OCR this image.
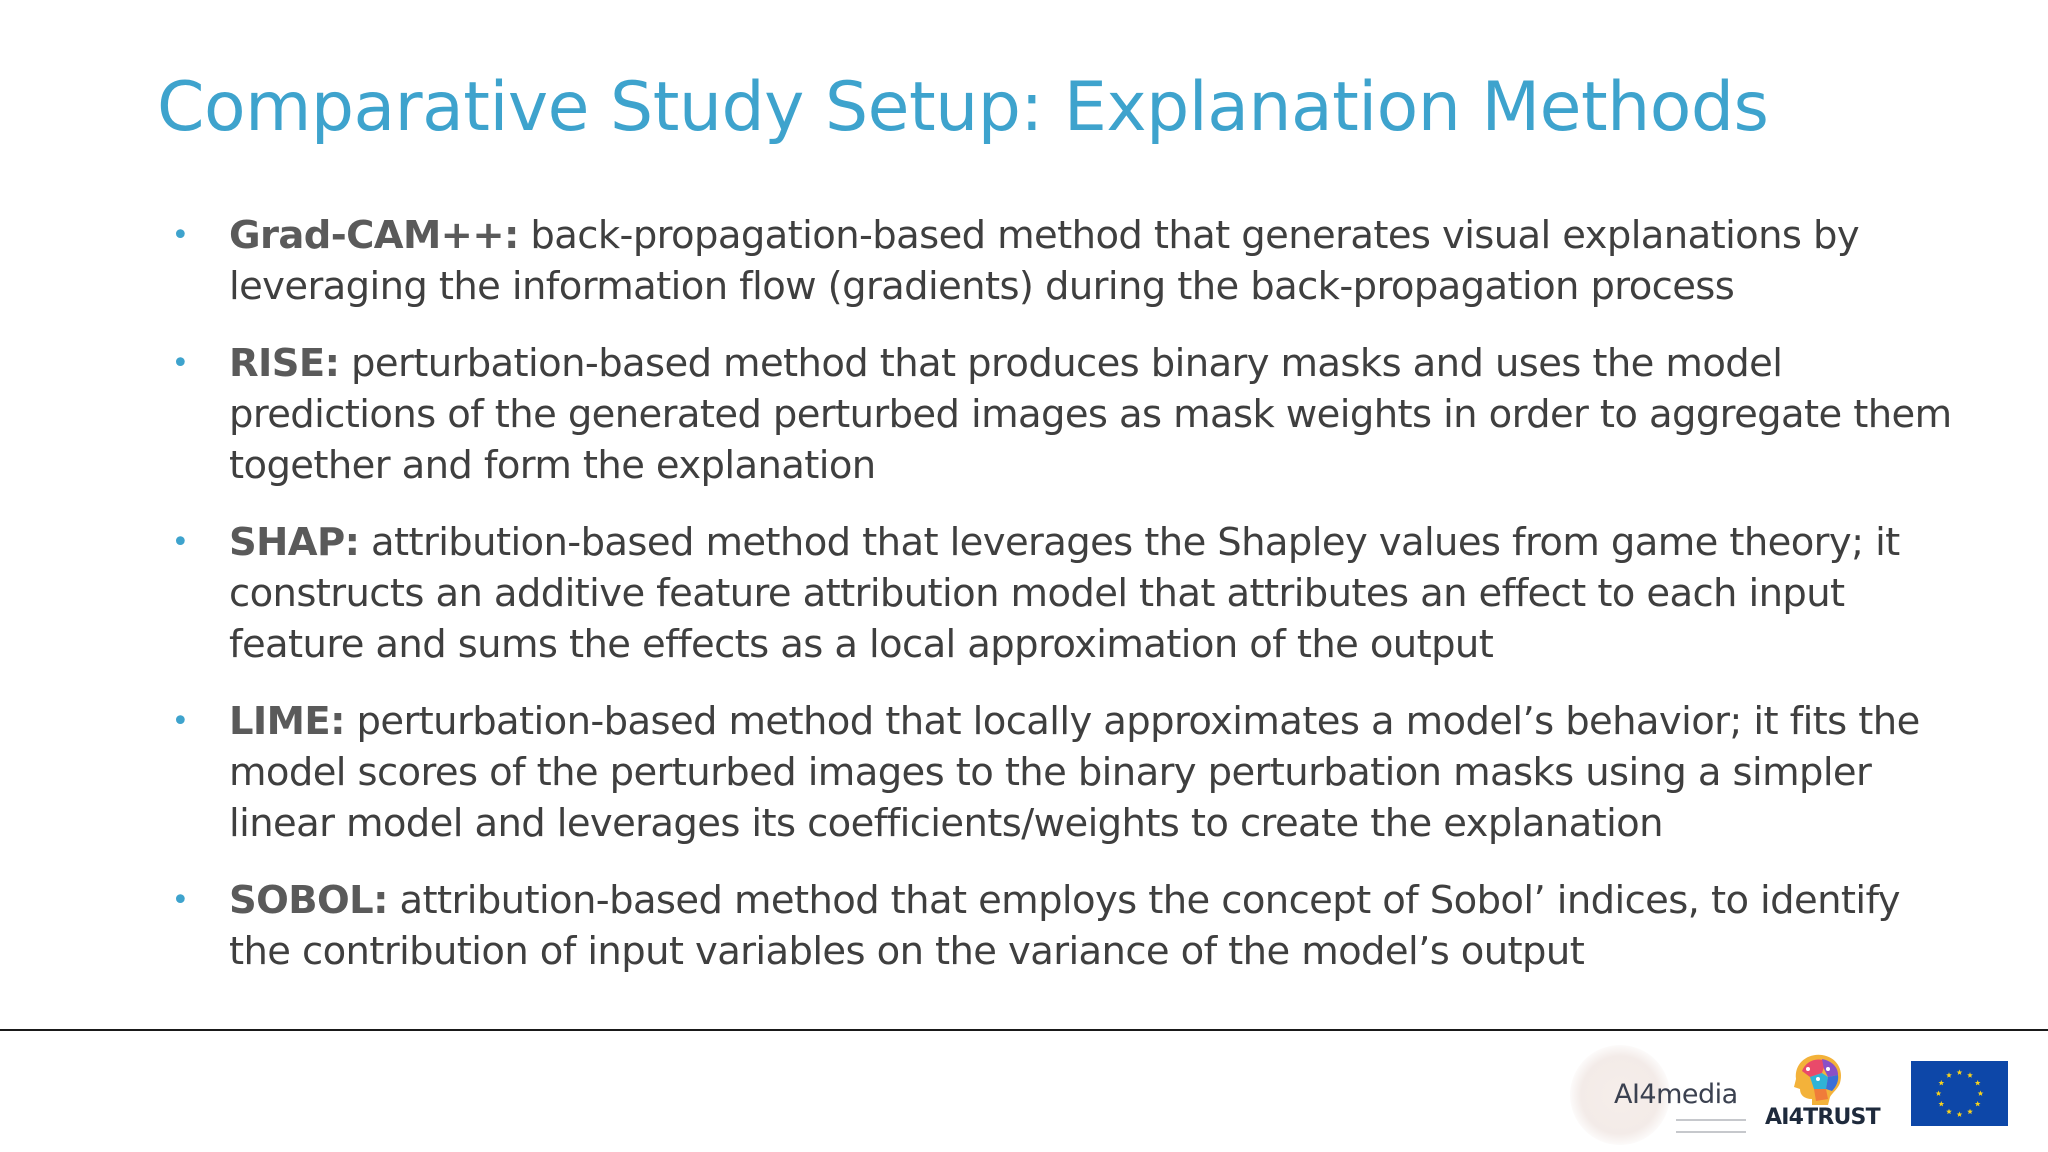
Comparative Study Setup: Explanation Methods
• Grad-CAM++: back-propagation-based method that generates visual explanations by leveraging the information flow (gradients) during the back-propagation process
• RISE: perturbation-based method that produces binary masks and uses the model predictions of the generated perturbed images as mask weights in order to aggregate them together and form the explanation
• SHAP: attribution-based method that leverages the Shapley values from game theory; it constructs an additive feature attribution model that attributes an effect to each input feature and sums the effects as a local approximation of the output
• LIME: perturbation-based method that locally approximates a model’s behavior; it fits the model scores of the perturbed images to the binary perturbation masks using a simpler linear model and leverages its coefficients/weights to create the explanation
• SOBOL: attribution-based method that employs the concept of Sobol’ indices, to identify the contribution of input variables on the variance of the model’s output
AI4media
AI4TRUST
